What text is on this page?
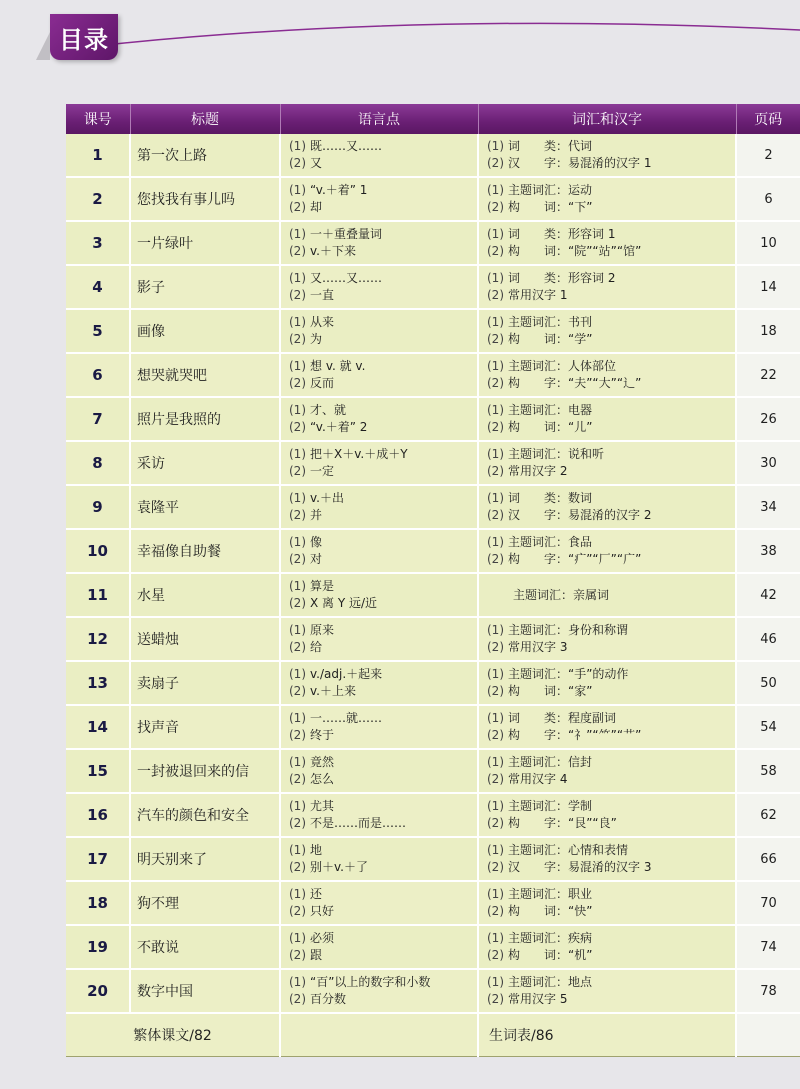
目录
课号	标题	语言点	词汇和汉字	页码
1	第一次上路	(1) 既……又……
(2) 又	(1) 词　　类：代词
(2) 汉　　字：易混淆的汉字 1	2
2	您找我有事儿吗	(1) “v.＋着” 1
(2) 却	(1) 主题词汇：运动
(2) 构　　词：“下”	6
3	一片绿叶	(1) 一＋重叠量词
(2) v.＋下来	(1) 词　　类：形容词 1
(2) 构　　词：“院”“站”“馆”	10
4	影子	(1) 又……又……
(2) 一直	(1) 词　　类：形容词 2
(2) 常用汉字 1	14
5	画像	(1) 从来
(2) 为	(1) 主题词汇：书刊
(2) 构　　词：“学”	18
6	想哭就哭吧	(1) 想 v. 就 v.
(2) 反而	(1) 主题词汇：人体部位
(2) 构　　字：“夫”“大”“辶”	22
7	照片是我照的	(1) 才、就
(2) “v.＋着” 2	(1) 主题词汇：电器
(2) 构　　词：“儿”	26
8	采访	(1) 把＋X＋v.＋成＋Y
(2) 一定	(1) 主题词汇：说和听
(2) 常用汉字 2	30
9	袁隆平	(1) v.＋出
(2) 并	(1) 词　　类：数词
(2) 汉　　字：易混淆的汉字 2	34
10	幸福像自助餐	(1) 像
(2) 对	(1) 主题词汇：食品
(2) 构　　字：“疒”“厂”“广”	38
11	水星	(1) 算是
(2) X 离 Y 远/近	主题词汇：亲属词	42
12	送蜡烛	(1) 原来
(2) 给	(1) 主题词汇：身份和称谓
(2) 常用汉字 3	46
13	卖扇子	(1) v./adj.＋起来
(2) v.＋上来	(1) 主题词汇：“手”的动作
(2) 构　　词：“家”	50
14	找声音	(1) 一……就……
(2) 终于	(1) 词　　类：程度副词
(2) 构　　字：“礻”“⺮”“艹”	54
15	一封被退回来的信	(1) 竟然
(2) 怎么	(1) 主题词汇：信封
(2) 常用汉字 4	58
16	汽车的颜色和安全	(1) 尤其
(2) 不是……而是……	(1) 主题词汇：学制
(2) 构　　字：“艮”“良”	62
17	明天别来了	(1) 地
(2) 别＋v.＋了	(1) 主题词汇：心情和表情
(2) 汉　　字：易混淆的汉字 3	66
18	狗不理	(1) 还
(2) 只好	(1) 主题词汇：职业
(2) 构　　词：“快”	70
19	不敢说	(1) 必须
(2) 跟	(1) 主题词汇：疾病
(2) 构　　词：“机”	74
20	数字中国	(1) “百”以上的数字和小数
(2) 百分数	(1) 主题词汇：地点
(2) 常用汉字 5	78
繁体课文/82			生词表/86	
